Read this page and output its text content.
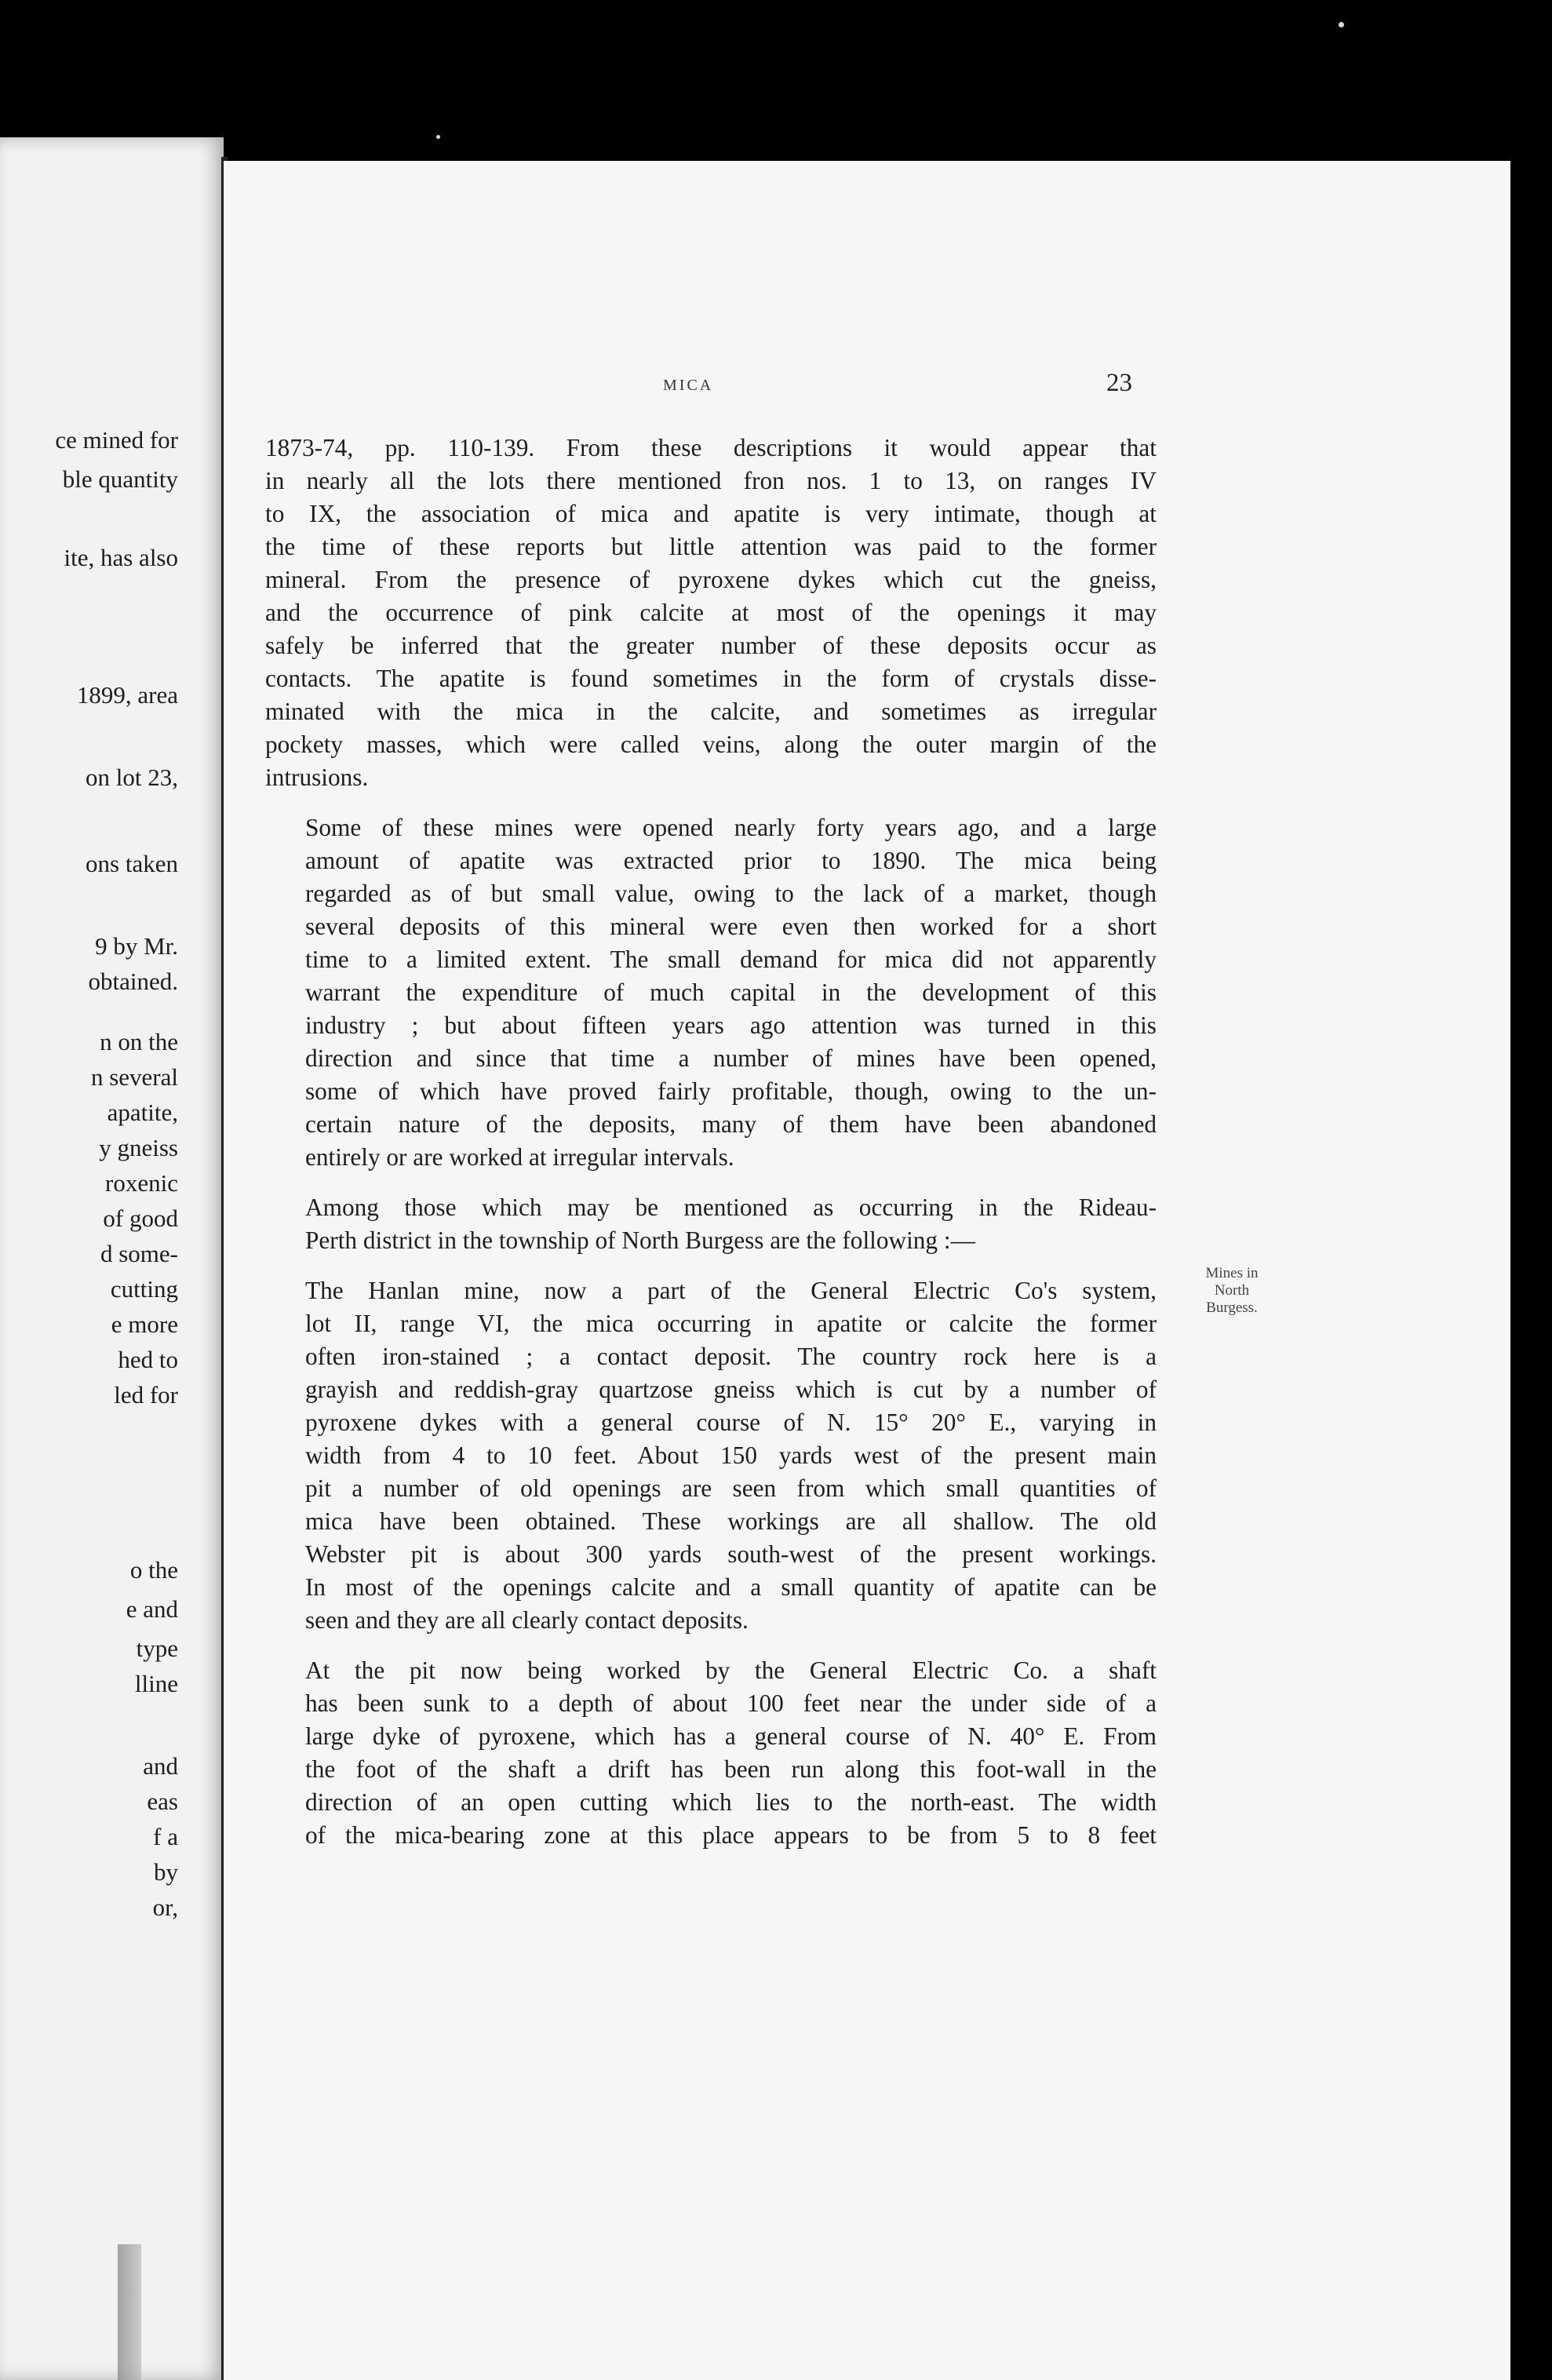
ce mined for
ble quantity
ite, has also
1899, area
on lot 23,
ons taken
9 by Mr.
obtained.
n on the
n several
apatite,
y gneiss
roxenic
of good
d some-
cutting
e more
hed to
led for
o the
e and
type
lline
and
eas
f a
by
or,
MICA	23
1873-74, pp. 110-139. From these descriptions it would appear that
in nearly all the lots there mentioned fron nos. 1 to 13, on ranges IV
to IX, the association of mica and apatite is very intimate, though at
the time of these reports but little attention was paid to the former
mineral. From the presence of pyroxene dykes which cut the gneiss,
and the occurrence of pink calcite at most of the openings it may
safely be inferred that the greater number of these deposits occur as
contacts. The apatite is found sometimes in the form of crystals disse-
minated with the mica in the calcite, and sometimes as irregular
pockety masses, which were called veins, along the outer margin of the
intrusions.
Some of these mines were opened nearly forty years ago, and a large
amount of apatite was extracted prior to 1890. The mica being
regarded as of but small value, owing to the lack of a market, though
several deposits of this mineral were even then worked for a short
time to a limited extent. The small demand for mica did not apparently
warrant the expenditure of much capital in the development of this
industry ; but about fifteen years ago attention was turned in this
direction and since that time a number of mines have been opened,
some of which have proved fairly profitable, though, owing to the un-
certain nature of the deposits, many of them have been abandoned
entirely or are worked at irregular intervals.
Among those which may be mentioned as occurring in the Rideau-
Perth district in the township of North Burgess are the following :—
The Hanlan mine, now a part of the General Electric Co's system,
lot II, range VI, the mica occurring in apatite or calcite the former
often iron-stained ; a contact deposit. The country rock here is a
grayish and reddish-gray quartzose gneiss which is cut by a number of
pyroxene dykes with a general course of N. 15° 20° E., varying in
width from 4 to 10 feet. About 150 yards west of the present main
pit a number of old openings are seen from which small quantities of
mica have been obtained. These workings are all shallow. The old
Webster pit is about 300 yards south-west of the present workings.
In most of the openings calcite and a small quantity of apatite can be
seen and they are all clearly contact deposits.
At the pit now being worked by the General Electric Co. a shaft
has been sunk to a depth of about 100 feet near the under side of a
large dyke of pyroxene, which has a general course of N. 40° E. From
the foot of the shaft a drift has been run along this foot-wall in the
direction of an open cutting which lies to the north-east. The width
of the mica-bearing zone at this place appears to be from 5 to 8 feet
Mines in
North
Burgess.
